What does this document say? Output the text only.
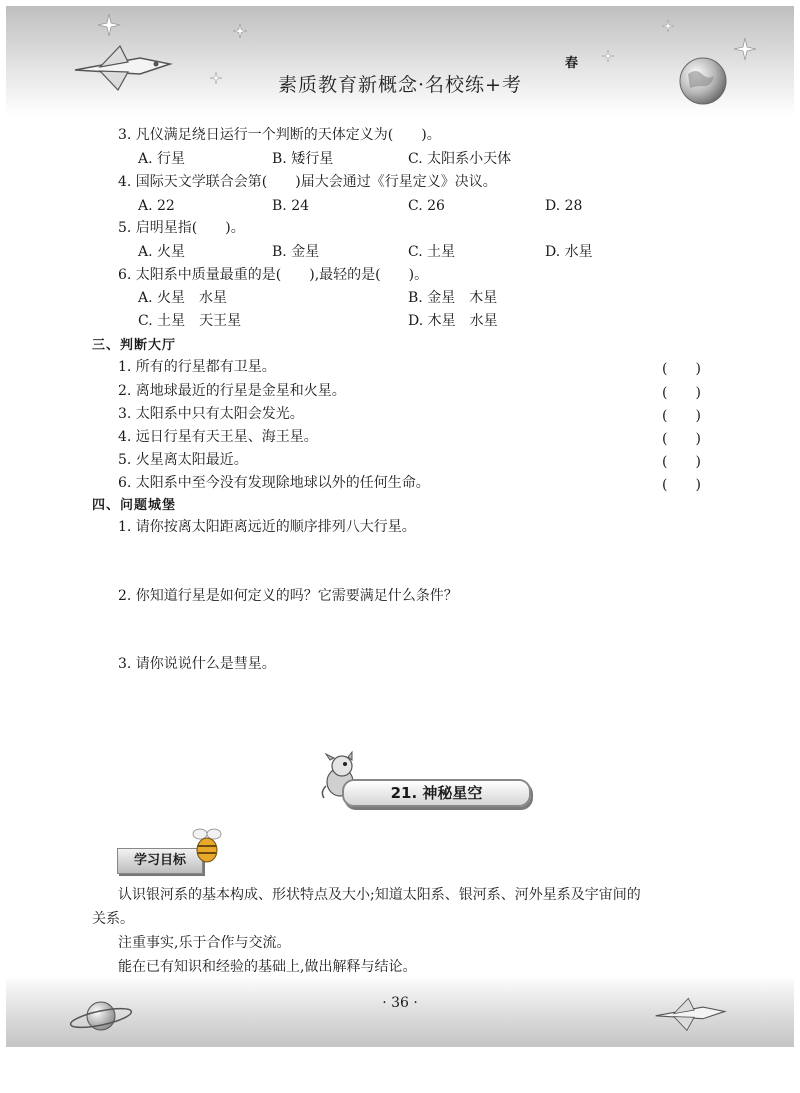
春
素质教育新概念·名校练+考
3. 凡仪满足绕日运行一个判断的天体定义为(　　)。
A. 行星	B. 矮行星	C. 太阳系小天体
4. 国际天文学联合会第(　　)届大会通过《行星定义》决议。
A. 22	B. 24	C. 26	D. 28
5. 启明星指(　　)。
A. 火星	B. 金星	C. 土星	D. 水星
6. 太阳系中质量最重的是(　　),最轻的是(　　)。
A. 火星　水星	B. 金星　木星
C. 土星　天王星	D. 木星　水星
三、判断大厅
1. 所有的行星都有卫星。	(　　)
2. 离地球最近的行星是金星和火星。	(　　)
3. 太阳系中只有太阳会发光。	(　　)
4. 远日行星有天王星、海王星。	(　　)
5. 火星离太阳最近。	(　　)
6. 太阳系中至今没有发现除地球以外的任何生命。	(　　)
四、问题城堡
1. 请你按离太阳距离远近的顺序排列八大行星。
2. 你知道行星是如何定义的吗？它需要满足什么条件？
3. 请你说说什么是彗星。
21. 神秘星空
学习目标
认识银河系的基本构成、形状特点及大小;知道太阳系、银河系、河外星系及宇宙间的
关系。
注重事实,乐于合作与交流。
能在已有知识和经验的基础上,做出解释与结论。
· 36 ·
